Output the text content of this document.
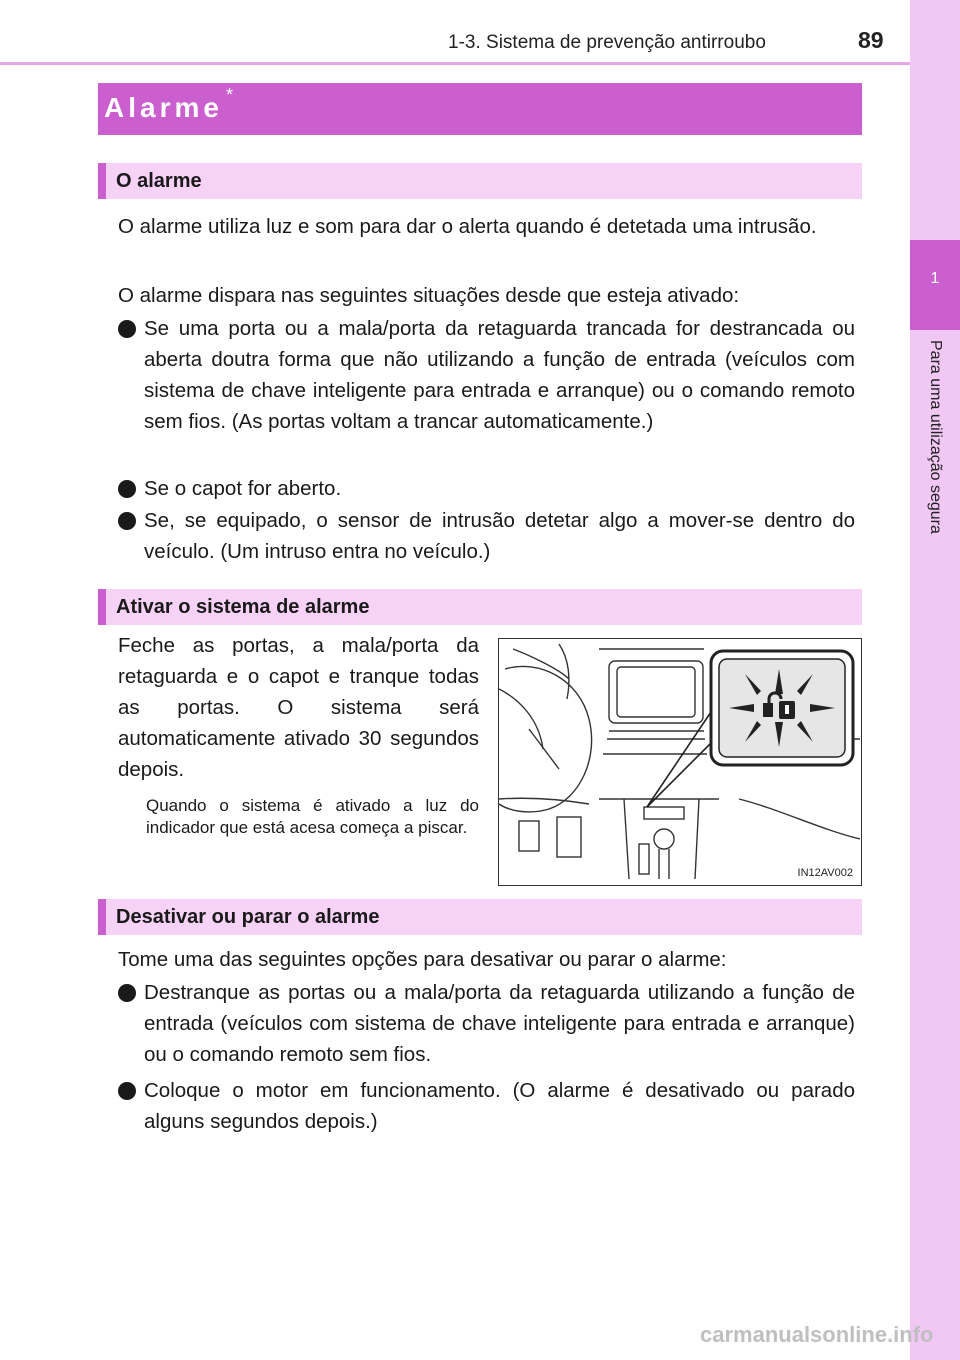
1-3. Sistema de prevenção antirroubo	89
1
Para uma utilização segura
Alarme *
O alarme
O alarme utiliza luz e som para dar o alerta quando é detetada uma intrusão.
O alarme dispara nas seguintes situações desde que esteja ativado:
Se uma porta ou a mala/porta da retaguarda trancada for destrancada ou aberta doutra forma que não utilizando a função de entrada (veículos com sistema de chave inteligente para entrada e arranque) ou o comando remoto sem fios. (As portas voltam a trancar automaticamente.)
Se o capot for aberto.
Se, se equipado, o sensor de intrusão detetar algo a mover-se dentro do veículo. (Um intruso entra no veículo.)
Ativar o sistema de alarme
Feche as portas, a mala/porta da retaguarda e o capot e tranque todas as portas. O sistema será automaticamente ativado 30 segundos depois.
Quando o sistema é ativado a luz do indicador que está acesa começa a piscar.
IN12AV002
Desativar ou parar o alarme
Tome uma das seguintes opções para desativar ou parar o alarme:
Destranque as portas ou a mala/porta da retaguarda utilizando a função de entrada (veículos com sistema de chave inteligente para entrada e arranque) ou o comando remoto sem fios.
Coloque o motor em funcionamento. (O alarme é desativado ou parado alguns segundos depois.)
carmanualsonline.info
